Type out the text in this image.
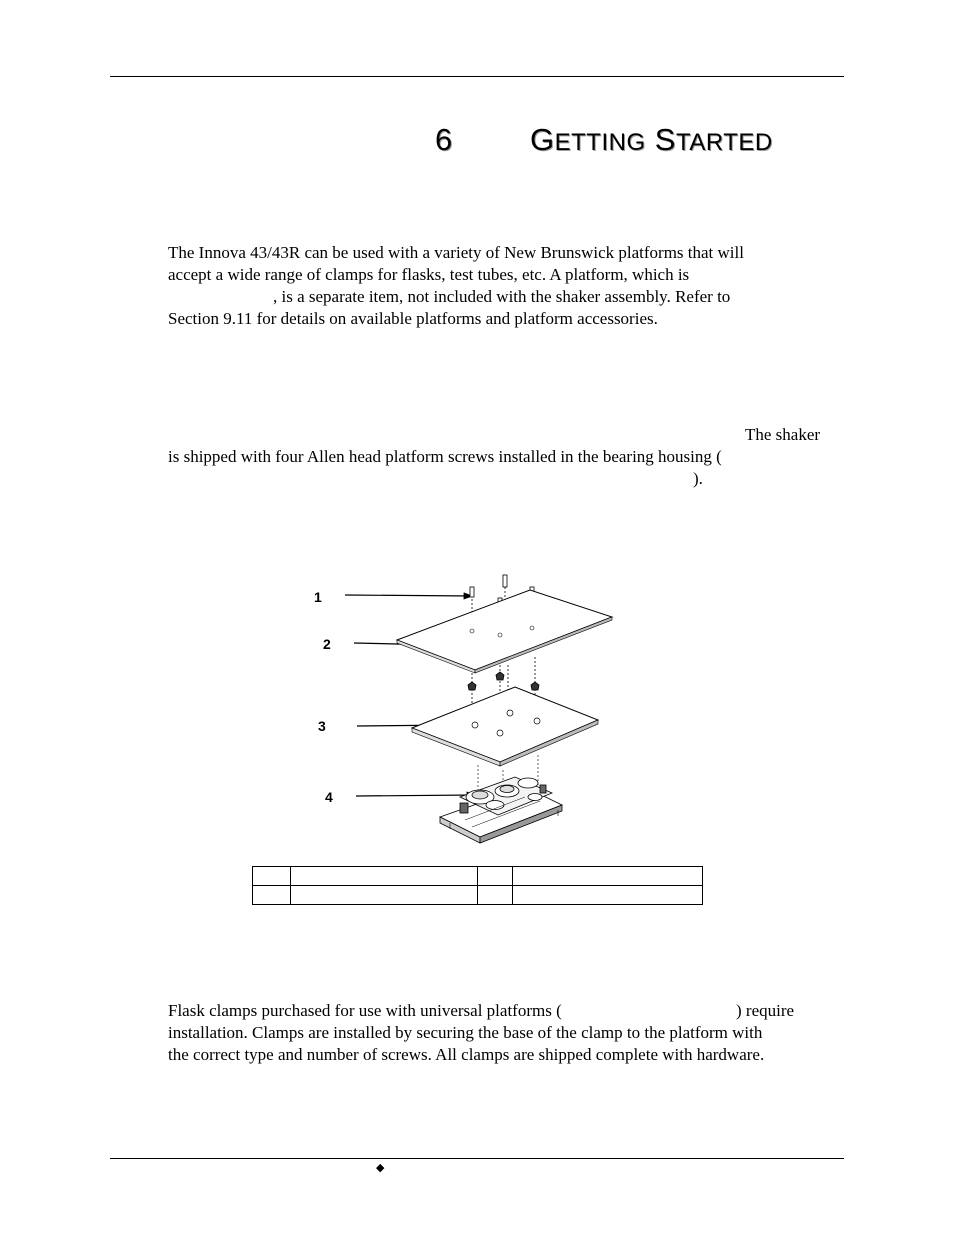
6	GETTING STARTED
The Innova 43/43R can be used with a variety of New Brunswick platforms that will
accept a wide range of clamps for flasks, test tubes, etc. A platform, which is
, is a separate item, not included with the shaker assembly. Refer to
Section 9.11 for details on available platforms and platform accessories.
The shaker
is shipped with four Allen head platform screws installed in the bearing housing (
).
1
2
3
4

Flask clamps purchased for use with universal platforms (	) require
installation. Clamps are installed by securing the base of the clamp to the platform with
the correct type and number of screws. All clamps are shipped complete with hardware.
◆
